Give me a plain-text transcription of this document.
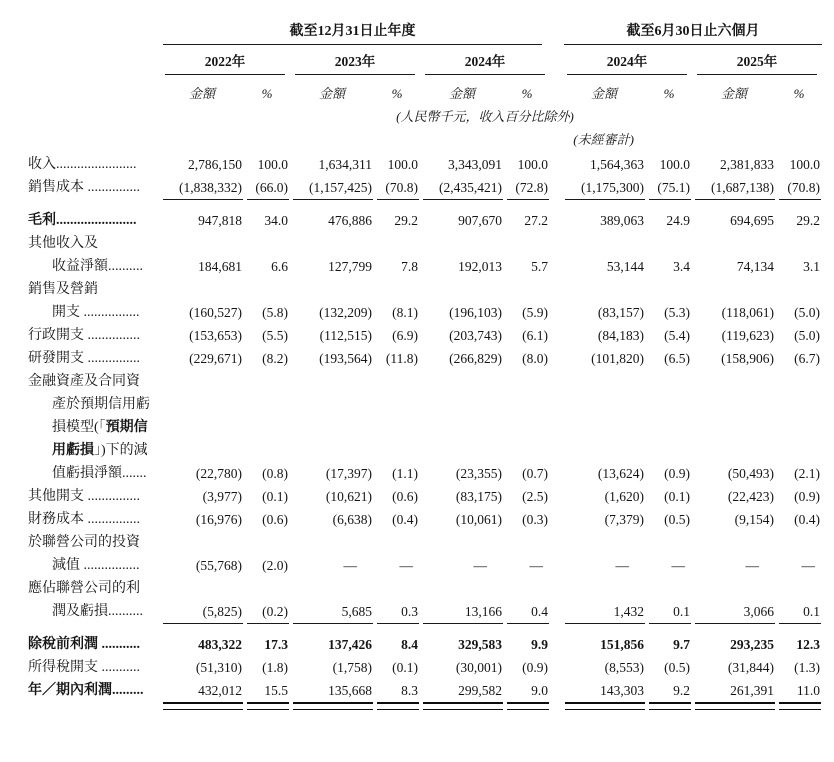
	截至12月31日止年度							截至6月30日止六個月			

	2022年		2023年		2024年			2024年		2025年	

	金額	%	金額	%	金額	%		金額	%	金額	%

					(人民幣千元，收入百分比除外)						

								(未經審計)			

收入.......................	2,786,150	100.0	1,634,311	100.0	3,343,091	100.0		1,564,363	100.0	2,381,833	100.0
銷售成本 ...............	(1,838,332)	(66.0)	(1,157,425)	(70.8)	(2,435,421)	(72.8)		(1,175,300)	(75.1)	(1,687,138)	(70.8)

毛利.......................	947,818	34.0	476,886	29.2	907,670	27.2		389,063	24.9	694,695	29.2
其他收入及											
收益淨額..........	184,681	6.6	127,799	7.8	192,013	5.7		53,144	3.4	74,134	3.1
銷售及營銷											
開支 ................	(160,527)	(5.8)	(132,209)	(8.1)	(196,103)	(5.9)		(83,157)	(5.3)	(118,061)	(5.0)
行政開支 ...............	(153,653)	(5.5)	(112,515)	(6.9)	(203,743)	(6.1)		(84,183)	(5.4)	(119,623)	(5.0)
研發開支 ...............	(229,671)	(8.2)	(193,564)	(11.8)	(266,829)	(8.0)		(101,820)	(6.5)	(158,906)	(6.7)
金融資產及合同資											
產於預期信用虧											
損模型(「預期信											
用虧損」)下的減											
值虧損淨額.......	(22,780)	(0.8)	(17,397)	(1.1)	(23,355)	(0.7)		(13,624)	(0.9)	(50,493)	(2.1)
其他開支 ...............	(3,977)	(0.1)	(10,621)	(0.6)	(83,175)	(2.5)		(1,620)	(0.1)	(22,423)	(0.9)
財務成本 ...............	(16,976)	(0.6)	(6,638)	(0.4)	(10,061)	(0.3)		(7,379)	(0.5)	(9,154)	(0.4)
於聯營公司的投資											
減值 ................	(55,768)	(2.0)	—	—	—	—		—	—	—	—
應佔聯營公司的利											
潤及虧損..........	(5,825)	(0.2)	5,685	0.3	13,166	0.4		1,432	0.1	3,066	0.1

除稅前利潤 ...........	483,322	17.3	137,426	8.4	329,583	9.9		151,856	9.7	293,235	12.3
所得稅開支 ...........	(51,310)	(1.8)	(1,758)	(0.1)	(30,001)	(0.9)		(8,553)	(0.5)	(31,844)	(1.3)
年／期內利潤.........	432,012	15.5	135,668	8.3	299,582	9.0		143,303	9.2	261,391	11.0
